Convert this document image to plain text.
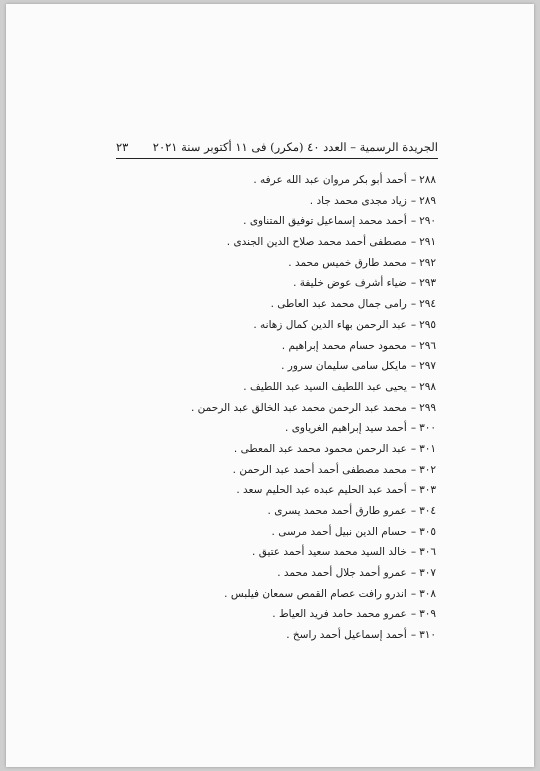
الجريدة الرسمية – العدد ٤٠ (مكرر) فى ١١ أكتوبر سنة ٢٠٢١
٢٣
٢٨٨–أحمد أبو بكر مروان عبد الله عرفه .
٢٨٩–زياد مجدى محمد جاد .
٢٩٠–أحمد محمد إسماعيل توفيق المتناوى .
٢٩١–مصطفى أحمد محمد صلاح الدين الجندى .
٢٩٢–محمد طارق خميس محمد .
٢٩٣–ضياء أشرف عوض خليفة .
٢٩٤–رامى جمال محمد عبد العاطى .
٢٩٥–عبد الرحمن بهاء الدين كمال زهانه .
٢٩٦–محمود حسام محمد إبراهيم .
٢٩٧–مايكل سامى سليمان سرور .
٢٩٨–يحيى عبد اللطيف السيد عبد اللطيف .
٢٩٩–محمد عبد الرحمن محمد عبد الخالق عبد الرحمن .
٣٠٠–أحمد سيد إبراهيم الغرياوى .
٣٠١–عبد الرحمن محمود محمد عبد المعطى .
٣٠٢–محمد مصطفى أحمد أحمد عبد الرحمن .
٣٠٣–أحمد عبد الحليم عبده عبد الحليم سعد .
٣٠٤–عمرو طارق أحمد محمد يسرى .
٣٠٥–حسام الدين نبيل أحمد مرسى .
٣٠٦–خالد السيد محمد سعيد أحمد عتيق .
٣٠٧–عمرو أحمد جلال أحمد محمد .
٣٠٨–اندرو رافت عصام القمص سمعان فيلبس .
٣٠٩–عمرو محمد حامد فريد العياط .
٣١٠–أحمد إسماعيل أحمد راسخ .
